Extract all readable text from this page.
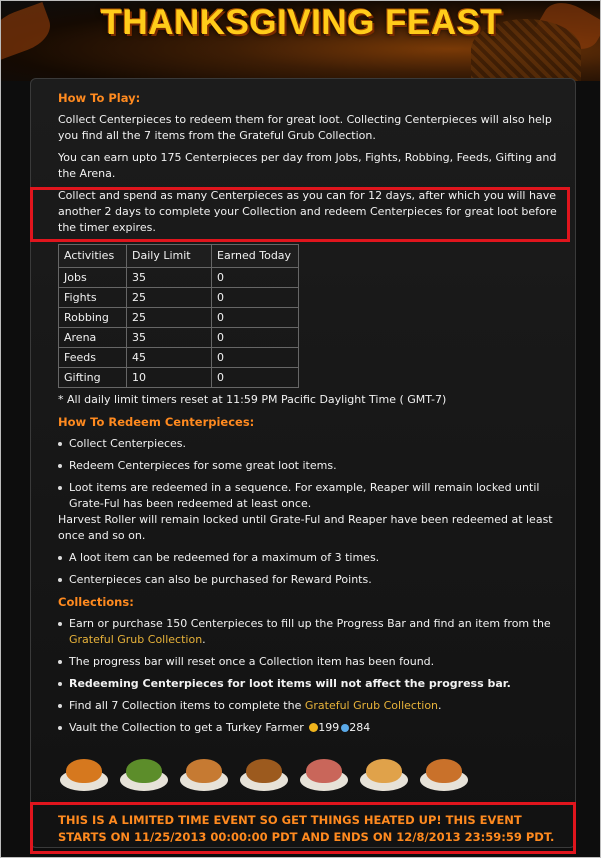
THANKSGIVING FEAST
How To Play:

Collect Centerpieces to redeem them for great loot. Collecting Centerpieces will also help you find all the 7 items from the Grateful Grub Collection.

You can earn upto 175 Centerpieces per day from Jobs, Fights, Robbing, Feeds, Gifting and the Arena.

Collect and spend as many Centerpieces as you can for 12 days, after which you will have another 2 days to complete your Collection and redeem Centerpieces for great loot before the timer expires.

Activities	Daily Limit	Earned Today
Jobs	35	0
Fights	25	0
Robbing	25	0
Arena	35	0
Feeds	45	0
Gifting	10	0

* All daily limit timers reset at 11:59 PM Pacific Daylight Time ( GMT-7)

How To Redeem Centerpieces:
Collect Centerpieces.
Redeem Centerpieces for some great loot items.
Loot items are redeemed in a sequence. For example, Reaper will remain locked until Grate-Ful has been redeemed at least once.

Harvest Roller will remain locked until Grate-Ful and Reaper have been redeemed at least once and so on.

A loot item can be redeemed for a maximum of 3 times.
Centerpieces can also be purchased for Reward Points.
Collections:
Earn or purchase 150 Centerpieces to fill up the Progress Bar and find an item from the Grateful Grub Collection.
The progress bar will reset once a Collection item has been found.
Redeeming Centerpieces for loot items will not affect the progress bar.
Find all 7 Collection items to complete the Grateful Grub Collection.
Vault the Collection to get a Turkey Farmer 199 284
THIS IS A LIMITED TIME EVENT SO GET THINGS HEATED UP! THIS EVENT STARTS ON 11/25/2013 00:00:00 PDT AND ENDS ON 12/8/2013 23:59:59 PDT.
